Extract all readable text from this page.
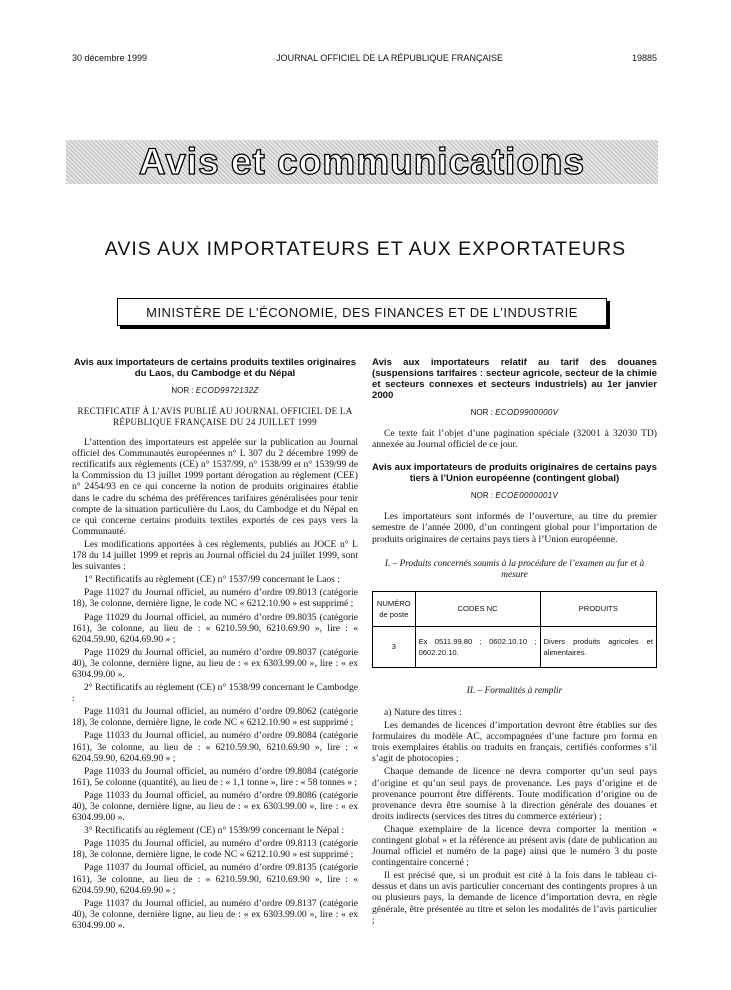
30 décembre 1999	JOURNAL OFFICIEL DE LA RÉPUBLIQUE FRANÇAISE	19885
Avis et communications
AVIS AUX IMPORTATEURS ET AUX EXPORTATEURS
MINISTÈRE DE L’ÉCONOMIE, DES FINANCES ET DE L’INDUSTRIE
Avis aux importateurs de certains produits textiles originaires du Laos, du Cambodge et du Népal
NOR : ECOD9972132Z
RECTIFICATIF À L’AVIS PUBLIÉ AU JOURNAL OFFICIEL DE LA RÉPUBLIQUE FRANÇAISE DU 24 JUILLET 1999

L’attention des importateurs est appelée sur la publication au Journal officiel des Communautés européennes n° L 307 du 2 décembre 1999 de rectificatifs aux règlements (CE) n° 1537/99, n° 1538/99 et n° 1539/99 de la Commission du 13 juillet 1999 portant dérogation au règlement (CEE) n° 2454/93 en ce qui concerne la notion de produits originaires établie dans le cadre du schéma des préférences tarifaires généralisées pour tenir compte de la situation particulière du Laos, du Cambodge et du Népal en ce qui concerne certains produits textiles exportés de ces pays vers la Communauté.

Les modifications apportées à ces règlements, publiés au JOCE n° L 178 du 14 juillet 1999 et repris au Journal officiel du 24 juillet 1999, sont les suivantes :

1° Rectificatifs au règlement (CE) n° 1537/99 concernant le Laos :

Page 11027 du Journal officiel, au numéro d’ordre 09.8013 (catégorie 18), 3e colonne, dernière ligne, le code NC « 6212.10.90 » est supprimé ;

Page 11029 du Journal officiel, au numéro d’ordre 09.8035 (catégorie 161), 3e colonne, au lieu de : « 6210.59.90, 6210.69.90 », lire : « 6204.59.90, 6204.69.90 » ;

Page 11029 du Journal officiel, au numéro d’ordre 09.8037 (catégorie 40), 3e colonne, dernière ligne, au lieu de : « ex 6303.99.00 », lire : « ex 6304.99.00 ».

2° Rectificatifs au règlement (CE) n° 1538/99 concernant le Cambodge :

Page 11031 du Journal officiel, au numéro d’ordre 09.8062 (catégorie 18), 3e colonne, dernière ligne, le code NC « 6212.10.90 » est supprimé ;

Page 11033 du Journal officiel, au numéro d’ordre 09.8084 (catégorie 161), 3e colonne, au lieu de : « 6210.59.90, 6210.69.90 », lire : « 6204.59.90, 6204.69.90 » ;

Page 11033 du Journal officiel, au numéro d’ordre 09.8084 (catégorie 161), 5e colonne (quantité), au lieu de : « 1,1 tonne », lire : « 58 tonnes » ;

Page 11033 du Journal officiel, au numéro d’ordre 09.8086 (catégorie 40), 3e colonne, dernière ligne, au lieu de : « ex 6303.99.00 », lire : « ex 6304.99.00 ».

3° Rectificatifs au règlement (CE) n° 1539/99 concernant le Népal :

Page 11035 du Journal officiel, au numéro d’ordre 09.8113 (catégorie 18), 3e colonne, dernière ligne, le code NC « 6212.10.90 » est supprimé ;

Page 11037 du Journal officiel, au numéro d’ordre 09.8135 (catégorie 161), 3e colonne, au lieu de : « 6210.59.90, 6210.69.90 », lire : « 6204.59.90, 6204.69.90 » ;

Page 11037 du Journal officiel, au numéro d’ordre 09.8137 (catégorie 40), 3e colonne, dernière ligne, au lieu de : « ex 6303.99.00 », lire : « ex 6304.99.00 ».

Avis aux importateurs relatif au tarif des douanes (suspensions tarifaires : secteur agricole, secteur de la chimie et secteurs connexes et secteurs industriels) au 1er janvier 2000
NOR : ECOD9900000V

Ce texte fait l’objet d’une pagination spéciale (32001 à 32030 TD) annexée au Journal officiel de ce jour.

Avis aux importateurs de produits originaires de certains pays tiers à l’Union européenne (contingent global)
NOR : ECOE0000001V

Les importateurs sont informés de l’ouverture, au titre du premier semestre de l’année 2000, d’un contingent global pour l’importation de produits originaires de certains pays tiers à l’Union européenne.

I. – Produits concernés soumis à la procédure de l’examen au fur et à mesure
NUMÉRO de poste	CODES NC	PRODUITS
3	Ex 0511.99.80 ; 0602.10.10 ; 0602.20.10.	Divers produits agricoles et alimentaires.
II. – Formalités à remplir

a) Nature des titres :

Les demandes de licences d’importation devront être établies sur des formulaires du modèle AC, accompagnées d’une facture pro forma en trois exemplaires établis ou traduits en français, certifiés conformes s’il s’agit de photocopies ;

Chaque demande de licence ne devra comporter qu’un seul pays d’origine et qu’un seul pays de provenance. Les pays d’origine et de provenance pourront être différents. Toute modification d’origine ou de provenance devra être soumise à la direction générale des douanes et droits indirects (services des titres du commerce extérieur) ;

Chaque exemplaire de la licence devra comporter la mention « contingent global » et la référence au présent avis (date de publication au Journal officiel et numéro de la page) ainsi que le numéro 3 du poste contingentaire concerné ;

Il est précisé que, si un produit est cité à la fois dans le tableau ci-dessus et dans un avis particulier concernant des contingents propres à un ou plusieurs pays, la demande de licence d’importation devra, en règle générale, être présentée au titre et selon les modalités de l’avis particulier ;
